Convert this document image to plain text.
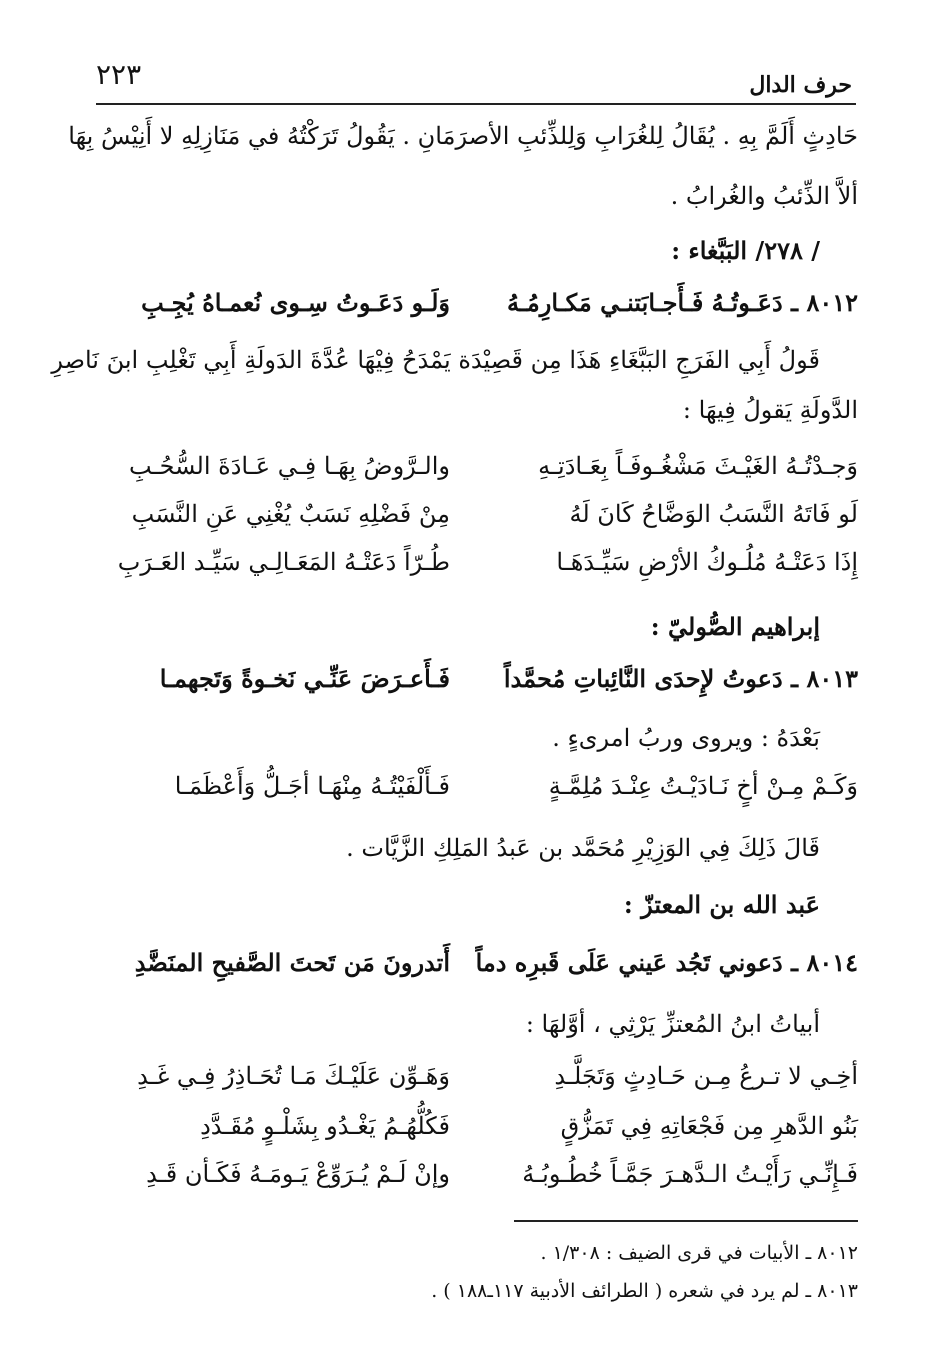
٢٢٣	حرف الدال
حَادِثٍ أَلَمَّ بِهِ . يُقَالُ لِلغُرَابِ وَلِلذِّئبِ الأصرَمَانِ . يَقُولُ تَرَكْتُهُ في مَنَازِلِهِ لا أَنِيْسُ بِهَا
ألاَّ الذِّئبُ والغُرابُ .
/ ٢٧٨/ البَبَّغاء :
٨٠١٢ ـ دَعَـوتُـهُ فَـأَجـابَتنـي مَكـارِمُـهُ
وَلَـو دَعَـوتُ سِـوى نُعمـاهُ يُجِـبِ
قَولُ أَبِي الفَرَجِ البَبَّغَاءِ هَذَا مِن قَصِيْدَة يَمْدَحُ فِيْهَا عُدَّةَ الدَولَةِ أَبِي تَغْلِبِ ابنَ نَاصِرِ
الدَّولَةِ يَقولُ فِيهَا :
وَجـدْتُـهُ الغَيْـثَ مَشْغُـوفَـاً بِعَـادَتِـهِ
والـرَّوضُ بِهَـا فِـي عَـادَةَ السُّحُـبِ
لَو فَاتَهُ النَّسَبُ الوَضَّاحُ كَانَ لَهُ
مِنْ فَضْلِهِ نَسَبٌ يُغْنِي عَنِ النَّسَبِ
إِذَا دَعَتْـهُ مُلُـوكُ الأرْضِ سَيِّـدَهَـا
طُـرّاً دَعَتْـهُ المَعَـالِـي سَيِّـد العَـرَبِ
إبراهيم الصُّوليّ :
٨٠١٣ ـ دَعوتُ لإِحدَى النَّائِباتِ مُحمَّداً
فَـأَعـرَضَ عَنِّـي نَخـوةً وَتَجهمـا
بَعْدَهُ : ويروى وربُ امرىءٍ .
وَكَـمْ مِـنْ أخٍ نَـادَيْـتُ عِنْـدَ مُلِمَّـةٍ
فَـأَلْفَيْتُـهُ مِنْهَـا أجَـلُّ وَأَعْظَمَـا
قَالَ ذَلِكَ فِي الوَزِيْرِ مُحَمَّد بن عَبدُ المَلِكِ الزَّيَّات .
عَبد الله بن المعتزّ :
٨٠١٤ ـ دَعوني تَجُد عَيني عَلَى قَبرِه دماً
أَتدرونَ مَن تَحتَ الصَّفيحِ المنَضَّدِ
أبياتُ ابنُ المُعتزِّ يَرْثِي ، أوَّلهَا :
أخِـي لا تـرعُ مِـن حَـادِثٍ وَتَجَلَّـدِ
وَهَـوِّن عَلَيْـكَ مَـا تُحَـاذِرُ فِـي غَـدِ
بَنُو الدَّهرِ مِن فَجْعَاتِهِ فِي تَمَزُّقٍ
فَكُلُّهُـمُ يَغْـدُو بِشَلْـوٍ مُقَـدَّدِ
فَـإِنِّـي رَأَيْـتُ الـدَّهـرَ جَمَّـاً خُطُـوبُـهُ
وإنْ لَـمْ يُـرَوِّعْ يَـومَـهُ فَكَـأن قَـدِ
٨٠١٢ ـ الأبيات في قرى الضيف : ١/٣٠٨ .
٨٠١٣ ـ لم يرد في شعره ( الطرائف الأدبية ١١٧ـ١٨٨ ) .
